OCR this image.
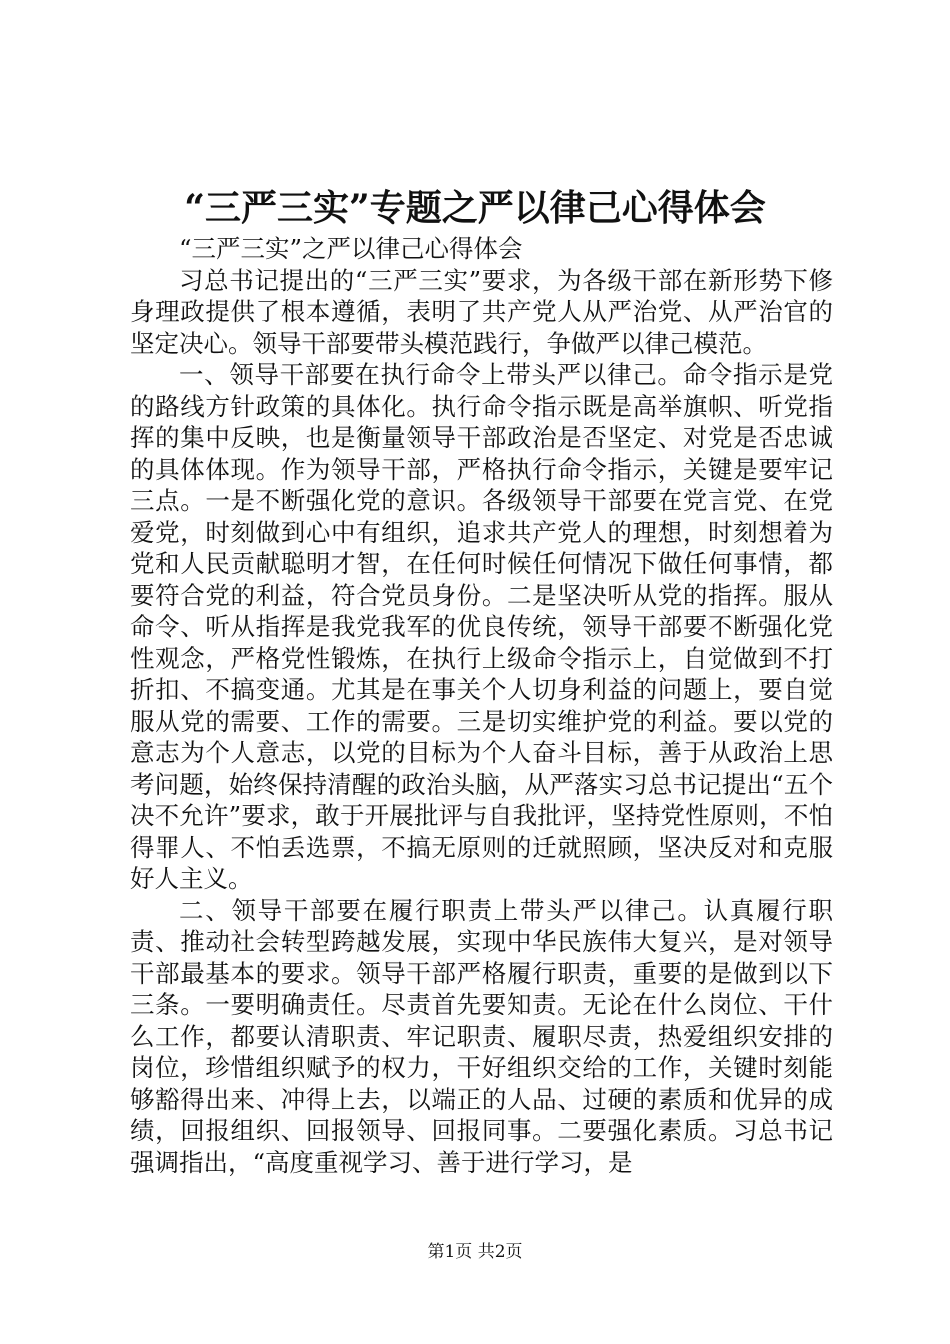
“三严三实”专题之严以律己心得体会

“三严三实”之严以律己心得体会

习总书记提出的“三严三实”要求，为各级干部在新形势下修身理政提供了根本遵循，表明了共产党人从严治党、从严治官的坚定决心。领导干部要带头模范践行，争做严以律己模范。

一、领导干部要在执行命令上带头严以律己。命令指示是党的路线方针政策的具体化。执行命令指示既是高举旗帜、听党指挥的集中反映，也是衡量领导干部政治是否坚定、对党是否忠诚的具体体现。作为领导干部，严格执行命令指示，关键是要牢记三点。一是不断强化党的意识。各级领导干部要在党言党、在党爱党，时刻做到心中有组织，追求共产党人的理想，时刻想着为党和人民贡献聪明才智，在任何时候任何情况下做任何事情，都要符合党的利益，符合党员身份。二是坚决听从党的指挥。服从命令、听从指挥是我党我军的优良传统，领导干部要不断强化党性观念，严格党性锻炼，在执行上级命令指示上，自觉做到不打折扣、不搞变通。尤其是在事关个人切身利益的问题上，要自觉服从党的需要、工作的需要。三是切实维护党的利益。要以党的意志为个人意志，以党的目标为个人奋斗目标，善于从政治上思考问题，始终保持清醒的政治头脑，从严落实习总书记提出“五个决不允许”要求，敢于开展批评与自我批评，坚持党性原则，不怕得罪人、不怕丢选票，不搞无原则的迁就照顾，坚决反对和克服好人主义。

二、领导干部要在履行职责上带头严以律己。认真履行职责、推动社会转型跨越发展，实现中华民族伟大复兴，是对领导干部最基本的要求。领导干部严格履行职责，重要的是做到以下三条。一要明确责任。尽责首先要知责。无论在什么岗位、干什么工作，都要认清职责、牢记职责、履职尽责，热爱组织安排的岗位，珍惜组织赋予的权力，干好组织交给的工作，关键时刻能够豁得出来、冲得上去，以端正的人品、过硬的素质和优异的成绩，回报组织、回报领导、回报同事。二要强化素质。习总书记强调指出，“高度重视学习、善于进行学习，是

第1页 共2页
